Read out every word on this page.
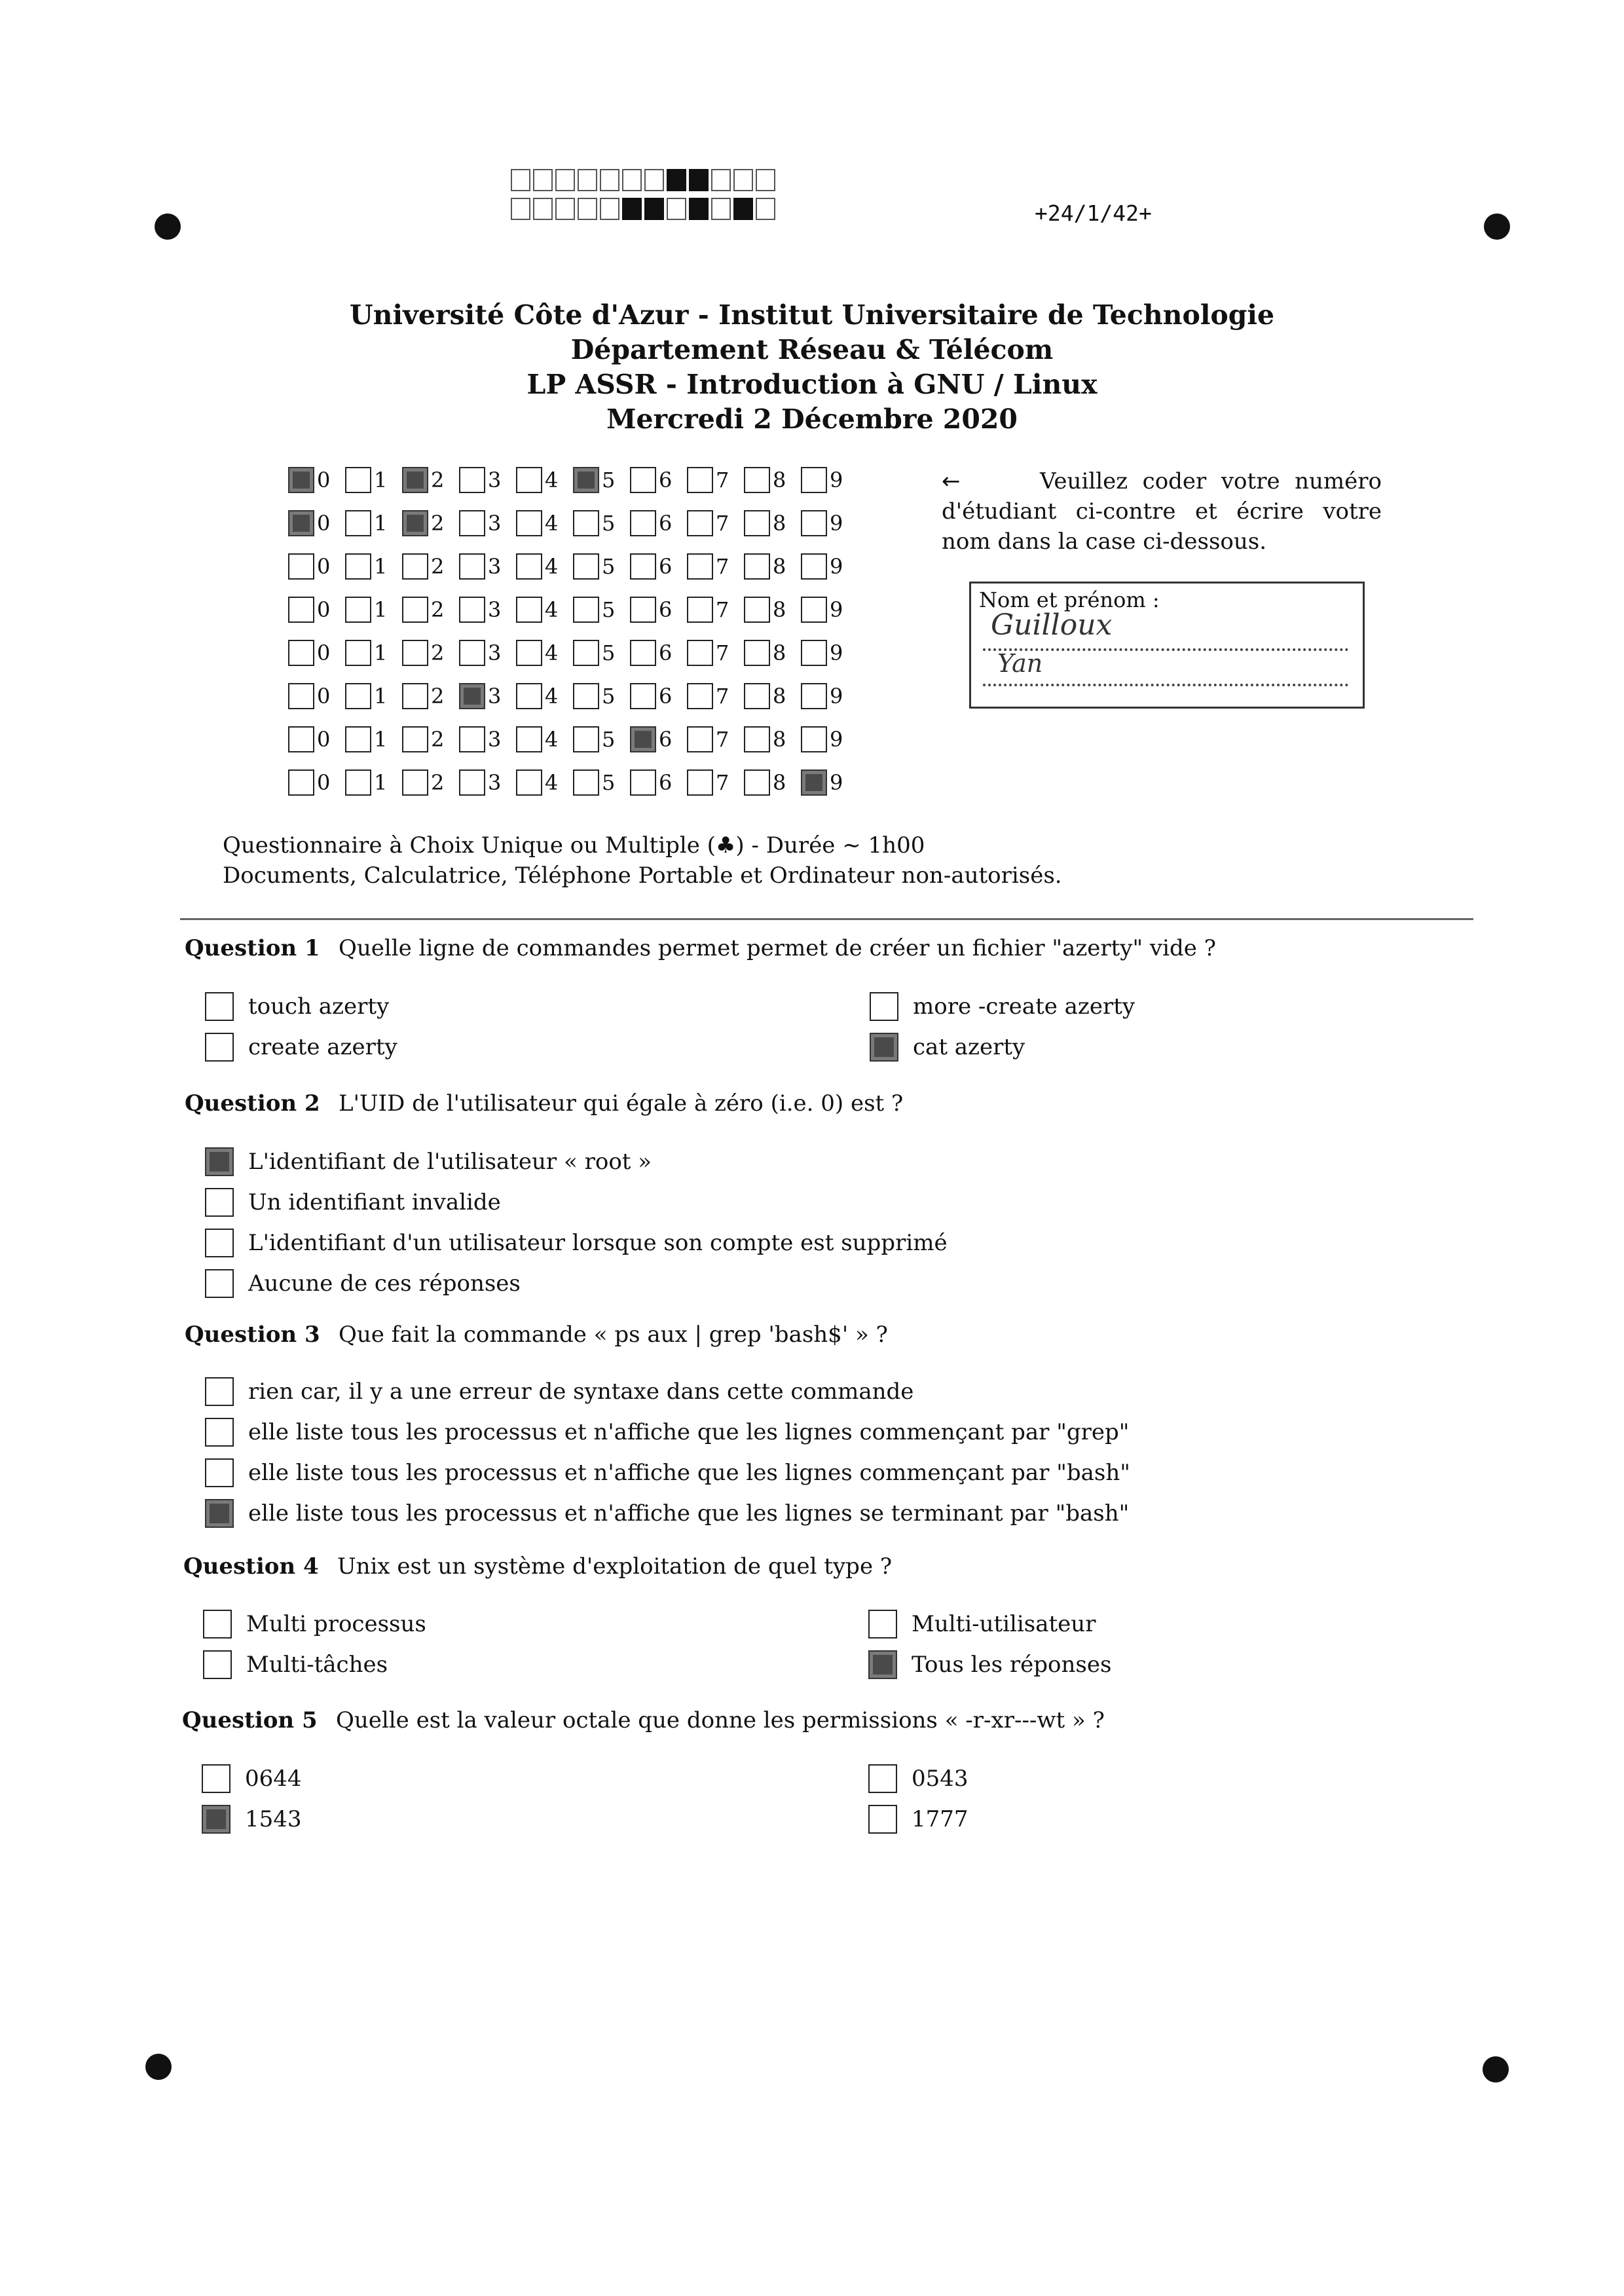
+24/1/42+
Université Côte d'Azur - Institut Universitaire de Technologie
Département Réseau & Télécom
LP ASSR - Introduction à GNU / Linux
Mercredi 2 Décembre 2020
0 1 2 3 4 5 6 7 8 9
0 1 2 3 4 5 6 7 8 9
0 1 2 3 4 5 6 7 8 9
0 1 2 3 4 5 6 7 8 9
0 1 2 3 4 5 6 7 8 9
0 1 2 3 4 5 6 7 8 9
0 1 2 3 4 5 6 7 8 9
0 1 2 3 4 5 6 7 8 9
←	Veuillez coder votre numéro d'étudiant ci-contre et écrire votre nom dans la case ci-dessous.
Nom et prénom :
Guilloux
Yan
Questionnaire à Choix Unique ou Multiple (♣) - Durée ∼ 1h00
Documents, Calculatrice, Téléphone Portable et Ordinateur non-autorisés.
Question 1 Quelle ligne de commandes permet permet de créer un fichier "azerty" vide ?
touch azerty	more -create azerty
create azerty	cat azerty
Question 2 L'UID de l'utilisateur qui égale à zéro (i.e. 0) est ?
L'identifiant de l'utilisateur « root »
Un identifiant invalide
L'identifiant d'un utilisateur lorsque son compte est supprimé
Aucune de ces réponses
Question 3 Que fait la commande « ps aux | grep 'bash$' » ?
rien car, il y a une erreur de syntaxe dans cette commande
elle liste tous les processus et n'affiche que les lignes commençant par "grep"
elle liste tous les processus et n'affiche que les lignes commençant par "bash"
elle liste tous les processus et n'affiche que les lignes se terminant par "bash"
Question 4 Unix est un système d'exploitation de quel type ?
Multi processus	Multi-utilisateur
Multi-tâches	Tous les réponses
Question 5 Quelle est la valeur octale que donne les permissions « -r-xr---wt » ?
0644	0543
1543	1777
